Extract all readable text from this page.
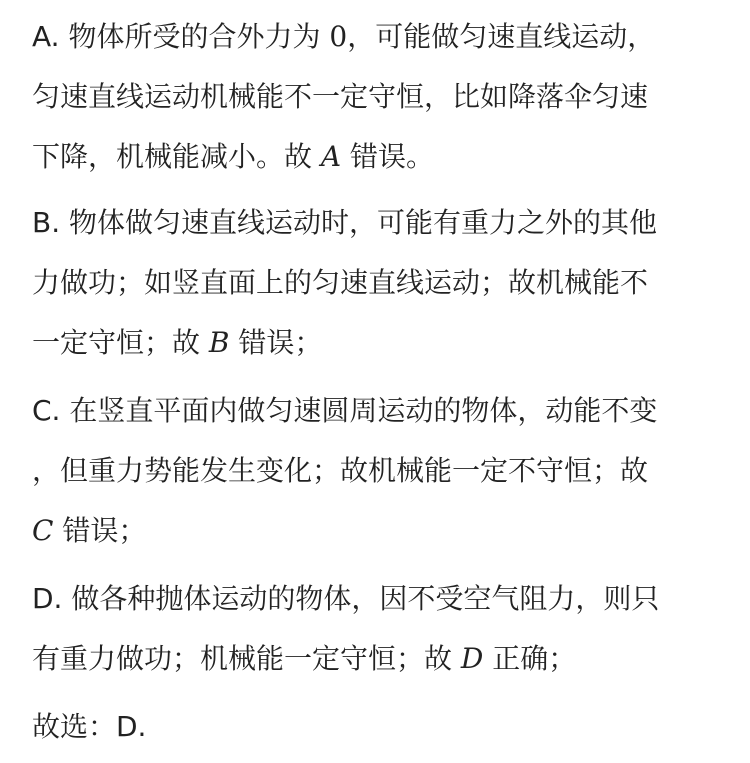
A. 物体所受的合外力为 0，可能做匀速直线运动，
匀速直线运动机械能不一定守恒，比如降落伞匀速
下降，机械能减小。故 A 错误。
B. 物体做匀速直线运动时，可能有重力之外的其他
力做功；如竖直面上的匀速直线运动；故机械能不
一定守恒；故 B 错误；
C. 在竖直平面内做匀速圆周运动的物体，动能不变
，但重力势能发生变化；故机械能一定不守恒；故
C 错误；
D. 做各种抛体运动的物体，因不受空气阻力，则只
有重力做功；机械能一定守恒；故 D 正确；
故选：D.
